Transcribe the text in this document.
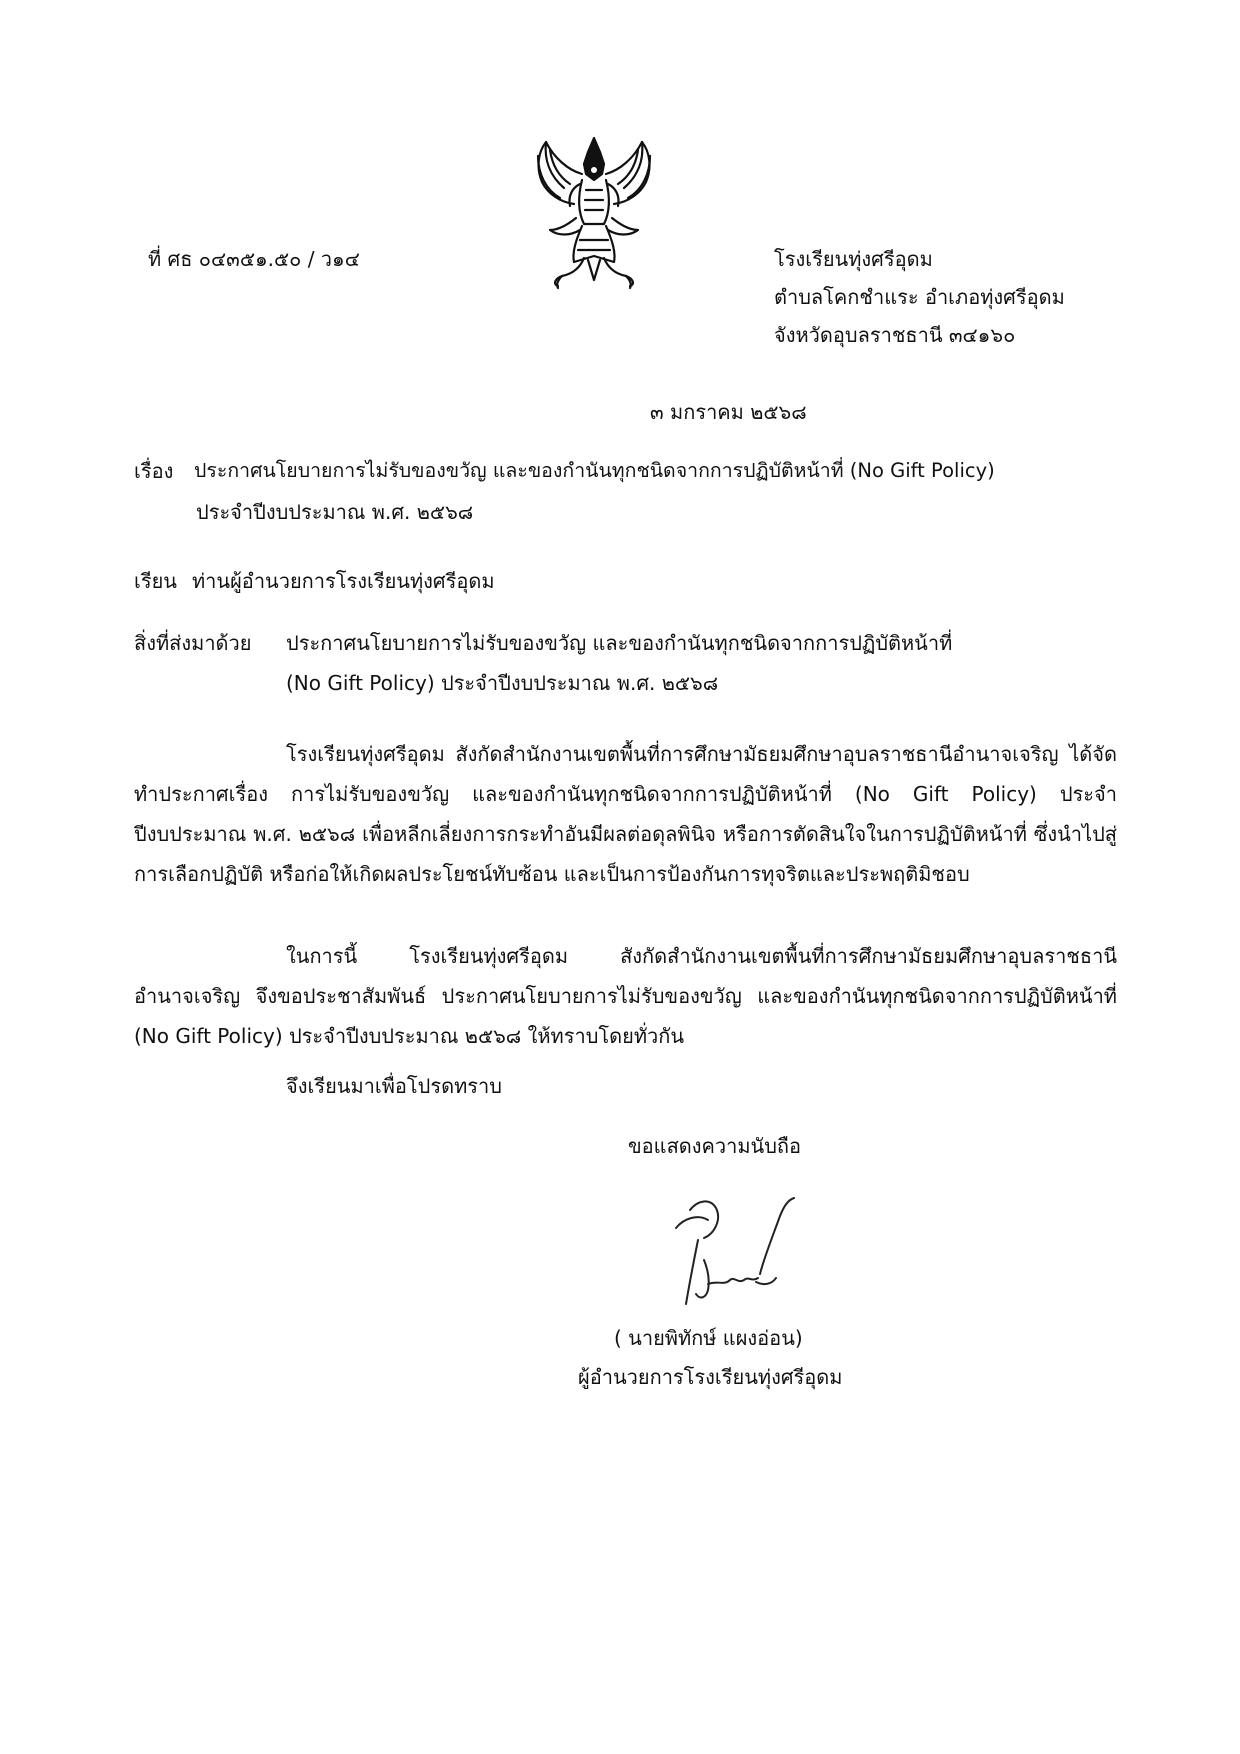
ที่ ศธ ๐๔๓๕๑.๕๐ / ว๑๔	โรงเรียนทุ่งศรีอุดม
ตำบลโคกชำแระ อำเภอทุ่งศรีอุดม
จังหวัดอุบลราชธานี ๓๔๑๖๐
๓ มกราคม ๒๕๖๘
เรื่อง ประกาศนโยบายการไม่รับของขวัญ และของกำนันทุกชนิดจากการปฏิบัติหน้าที่ (No Gift Policy)
ประจำปีงบประมาณ พ.ศ. ๒๕๖๘
เรียน ท่านผู้อำนวยการโรงเรียนทุ่งศรีอุดม
สิ่งที่ส่งมาด้วย ประกาศนโยบายการไม่รับของขวัญ และของกำนันทุกชนิดจากการปฏิบัติหน้าที่
(No Gift Policy) ประจำปีงบประมาณ พ.ศ. ๒๕๖๘
โรงเรียนทุ่งศรีอุดม สังกัดสำนักงานเขตพื้นที่การศึกษามัธยมศึกษาอุบลราชธานีอำนาจเจริญ ได้จัดทำประกาศเรื่อง การไม่รับของขวัญ และของกำนันทุกชนิดจากการปฏิบัติหน้าที่ (No Gift Policy) ประจำปีงบประมาณ พ.ศ. ๒๕๖๘ เพื่อหลีกเลี่ยงการกระทำอันมีผลต่อดุลพินิจ หรือการตัดสินใจในการปฏิบัติหน้าที่ ซึ่งนำไปสู่การเลือกปฏิบัติ หรือก่อให้เกิดผลประโยชน์ทับซ้อน และเป็นการป้องกันการทุจริตและประพฤติมิชอบ
ในการนี้ โรงเรียนทุ่งศรีอุดม สังกัดสำนักงานเขตพื้นที่การศึกษามัธยมศึกษาอุบลราชธานีอำนาจเจริญ จึงขอประชาสัมพันธ์ ประกาศนโยบายการไม่รับของขวัญ และของกำนันทุกชนิดจากการปฏิบัติหน้าที่ (No Gift Policy) ประจำปีงบประมาณ ๒๕๖๘ ให้ทราบโดยทั่วกัน
จึงเรียนมาเพื่อโปรดทราบ
ขอแสดงความนับถือ
( นายพิทักษ์ แผงอ่อน)
ผู้อำนวยการโรงเรียนทุ่งศรีอุดม
